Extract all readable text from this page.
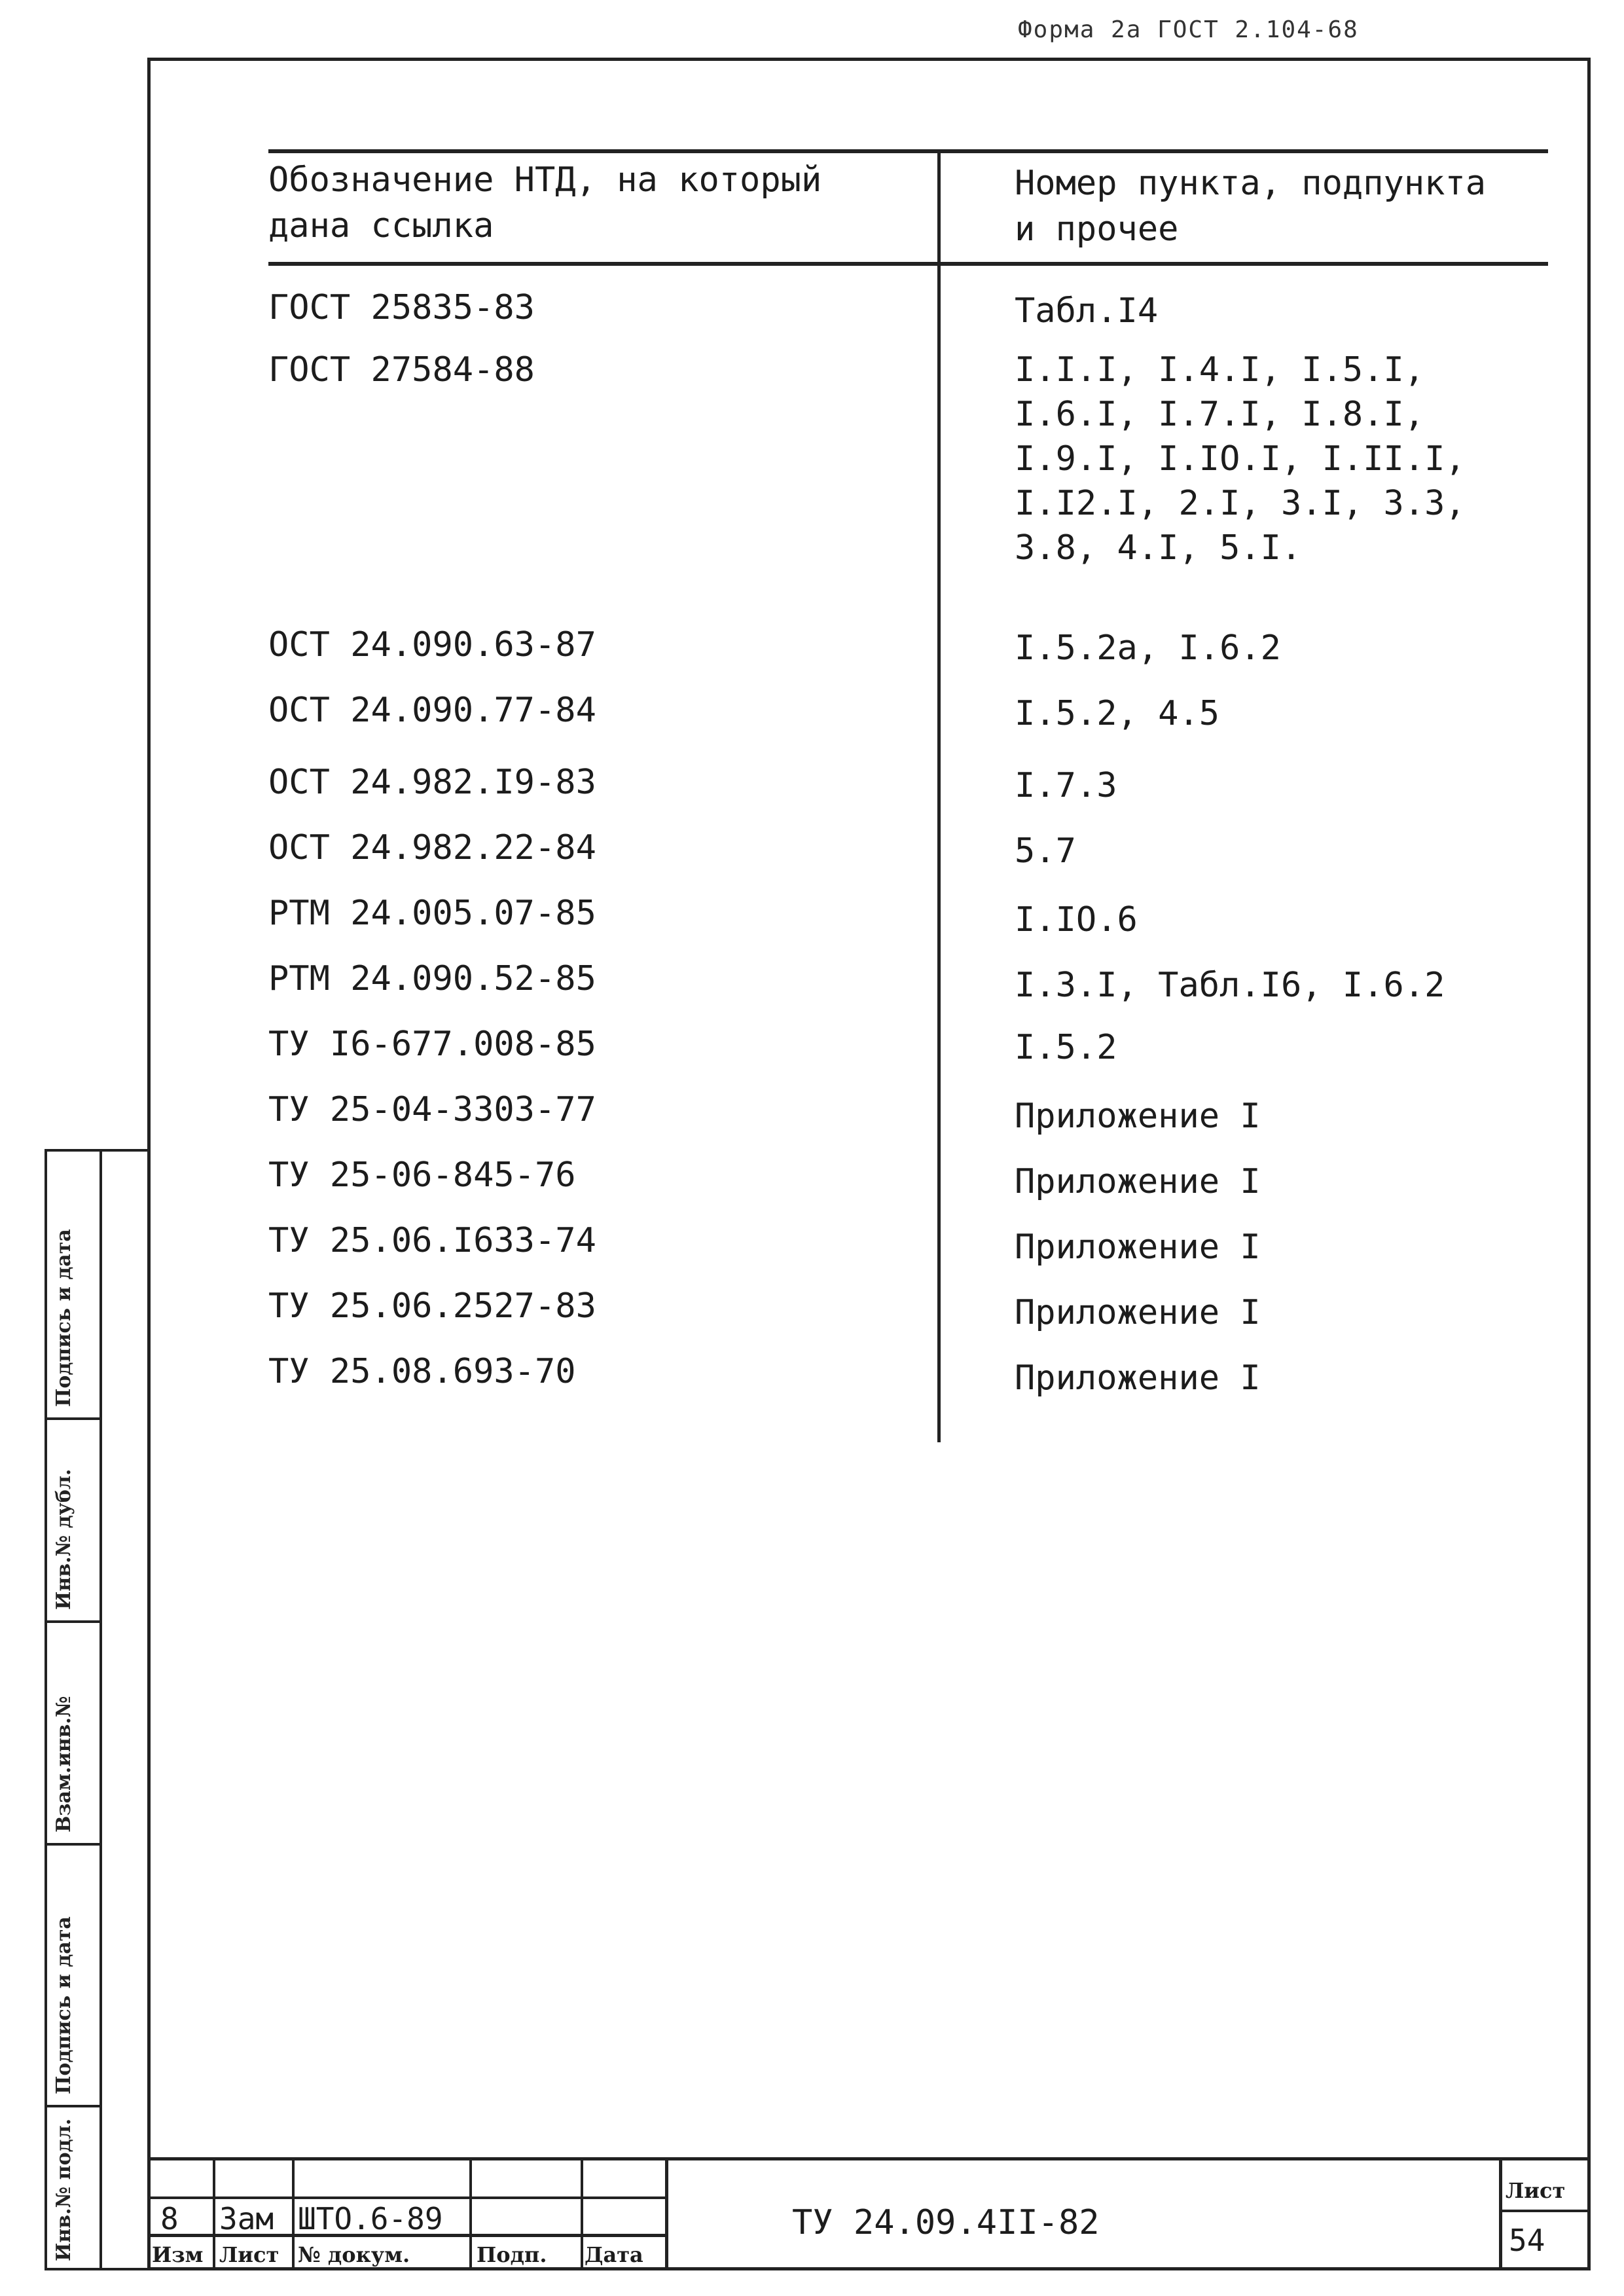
Форма 2а ГОСТ 2.104-68
Обозначение НТД, на который
дана ссылка
Номер пункта, подпункта
и прочее
ГОСТ 25835-83	Табл.I4
ГОСТ 27584-88	I.I.I, I.4.I, I.5.I,
I.6.I, I.7.I, I.8.I,
I.9.I, I.IO.I, I.II.I,
I.I2.I, 2.I, 3.I, 3.3,
3.8, 4.I, 5.I.
ОСТ 24.090.63-87	I.5.2а, I.6.2
ОСТ 24.090.77-84	I.5.2, 4.5
ОСТ 24.982.I9-83	I.7.3
ОСТ 24.982.22-84	5.7
РТМ 24.005.07-85	I.IO.6
РТМ 24.090.52-85	I.3.I, Табл.I6, I.6.2
ТУ I6-677.008-85	I.5.2
ТУ 25-04-3303-77	Приложение I
ТУ 25-06-845-76	Приложение I
ТУ 25.06.I633-74	Приложение I
ТУ 25.06.2527-83	Приложение I
ТУ 25.08.693-70	Приложение I
Подпись и дата
Инв.№ дубл.
Взам.инв.№
Подпись и дата
Инв.№ подл.	8 Зам ШТО.6-89
Изм Лист № докум.	Подп. Дата
ТУ 24.09.4II-82
Лист
54
